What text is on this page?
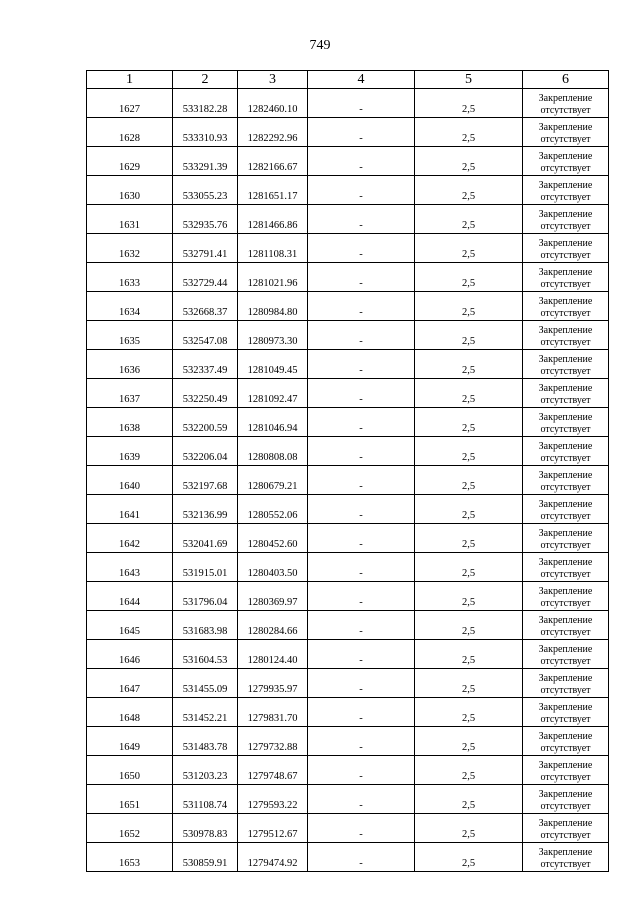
749
1	2	3	4	5	6
1627	533182.28	1282460.10	-	2,5	Закрепление
отсутствует

1628	533310.93	1282292.96	-	2,5	Закрепление
отсутствует

1629	533291.39	1282166.67	-	2,5	Закрепление
отсутствует

1630	533055.23	1281651.17	-	2,5	Закрепление
отсутствует

1631	532935.76	1281466.86	-	2,5	Закрепление
отсутствует

1632	532791.41	1281108.31	-	2,5	Закрепление
отсутствует

1633	532729.44	1281021.96	-	2,5	Закрепление
отсутствует

1634	532668.37	1280984.80	-	2,5	Закрепление
отсутствует

1635	532547.08	1280973.30	-	2,5	Закрепление
отсутствует

1636	532337.49	1281049.45	-	2,5	Закрепление
отсутствует

1637	532250.49	1281092.47	-	2,5	Закрепление
отсутствует

1638	532200.59	1281046.94	-	2,5	Закрепление
отсутствует

1639	532206.04	1280808.08	-	2,5	Закрепление
отсутствует

1640	532197.68	1280679.21	-	2,5	Закрепление
отсутствует

1641	532136.99	1280552.06	-	2,5	Закрепление
отсутствует

1642	532041.69	1280452.60	-	2,5	Закрепление
отсутствует

1643	531915.01	1280403.50	-	2,5	Закрепление
отсутствует

1644	531796.04	1280369.97	-	2,5	Закрепление
отсутствует

1645	531683.98	1280284.66	-	2,5	Закрепление
отсутствует

1646	531604.53	1280124.40	-	2,5	Закрепление
отсутствует

1647	531455.09	1279935.97	-	2,5	Закрепление
отсутствует

1648	531452.21	1279831.70	-	2,5	Закрепление
отсутствует

1649	531483.78	1279732.88	-	2,5	Закрепление
отсутствует

1650	531203.23	1279748.67	-	2,5	Закрепление
отсутствует

1651	531108.74	1279593.22	-	2,5	Закрепление
отсутствует

1652	530978.83	1279512.67	-	2,5	Закрепление
отсутствует

1653	530859.91	1279474.92	-	2,5	Закрепление
отсутствует
